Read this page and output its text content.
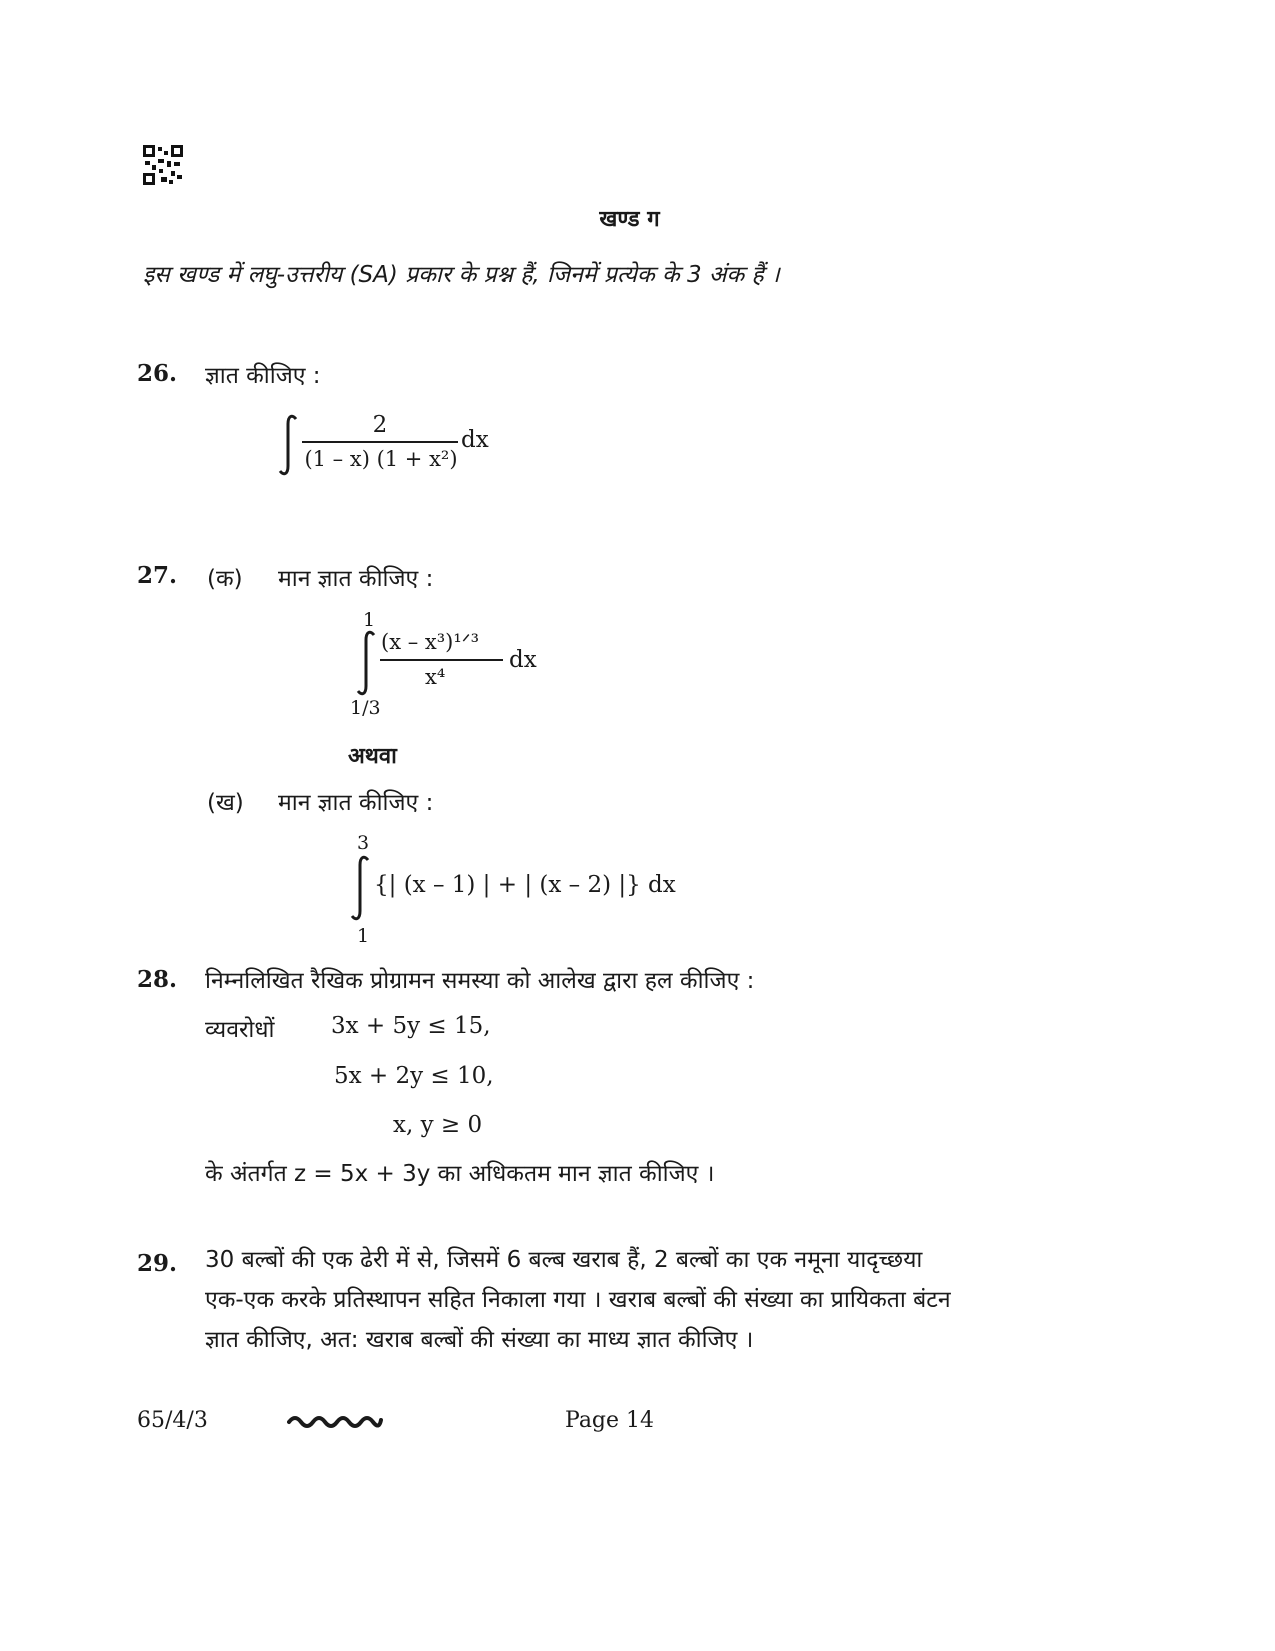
खण्ड ग
इस खण्ड में लघु-उत्तरीय (SA) प्रकार के प्रश्न हैं, जिनमें प्रत्येक के 3 अंक हैं ।
26. ज्ञात कीजिए :
2
(1 – x) (1 + x²)
dx
27. (क) मान ज्ञात कीजिए :
1
1/3
(x – x³)¹ᐟ³
x⁴
dx
अथवा
(ख) मान ज्ञात कीजिए :
3
1
{| (x – 1) | + | (x – 2) |} dx
28. निम्नलिखित रैखिक प्रोग्रामन समस्या को आलेख द्वारा हल कीजिए :
व्यवरोधों 3x + 5y ≤ 15,
5x + 2y ≤ 10,
x, y ≥ 0
के अंतर्गत z = 5x + 3y का अधिकतम मान ज्ञात कीजिए ।
29. 30 बल्बों की एक ढेरी में से, जिसमें 6 बल्ब खराब हैं, 2 बल्बों का एक नमूना यादृच्छया
एक-एक करके प्रतिस्थापन सहित निकाला गया । खराब बल्बों की संख्या का प्रायिकता बंटन
ज्ञात कीजिए, अत: खराब बल्बों की संख्या का माध्य ज्ञात कीजिए ।
65/4/3	Page 14
